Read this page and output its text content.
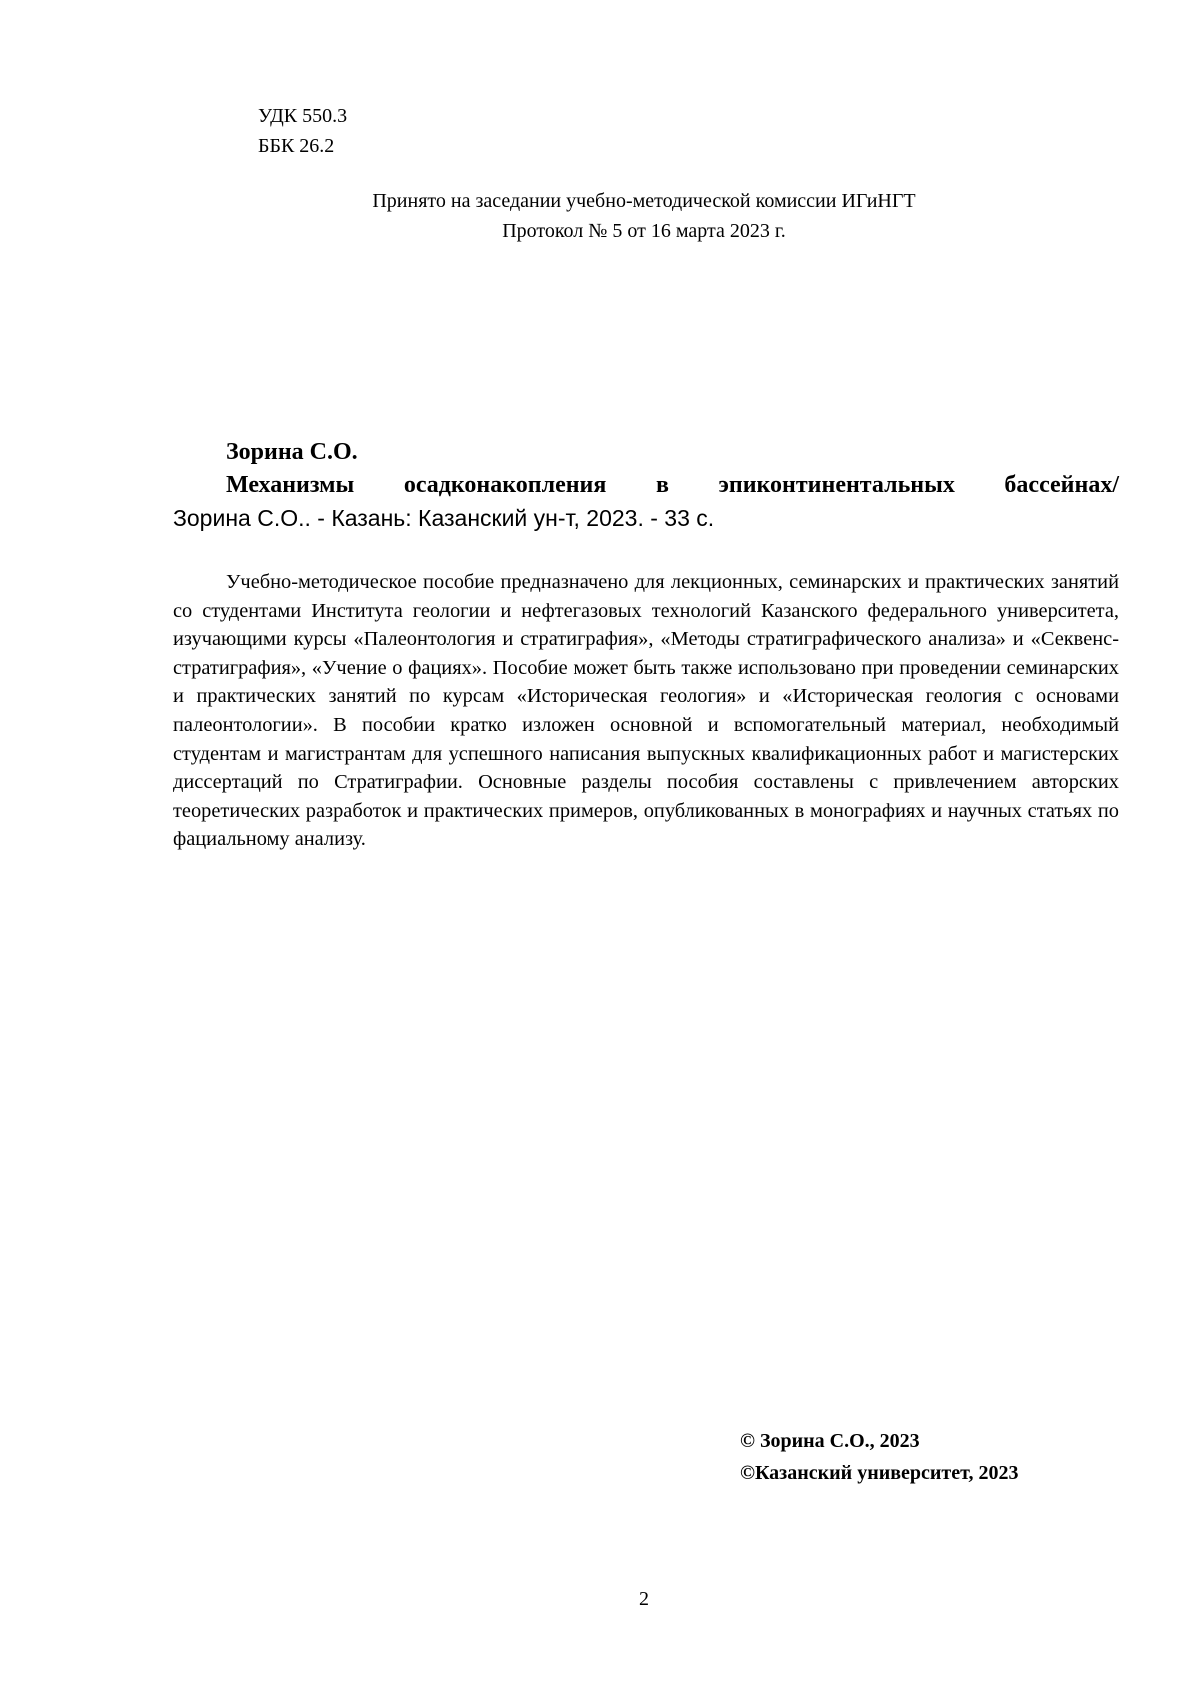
УДК 550.3
ББК 26.2
Принято на заседании учебно-методической комиссии ИГиНГТ
Протокол № 5 от 16 марта 2023 г.
Зорина С.О.
Механизмы осадконакопления в эпиконтинентальных бассейнах/
Зорина С.О.. - Казань: Казанский ун-т, 2023. - 33 с.

Учебно-методическое пособие предназначено для лекционных, семинарских и практических занятий со студентами Института геологии и нефтегазовых технологий Казанского федерального университета, изучающими курсы «Палеонтология и стратиграфия», «Методы стратиграфического анализа» и «Секвенс-стратиграфия», «Учение о фациях». Пособие может быть также использовано при проведении семинарских и практических занятий по курсам «Историческая геология» и «Историческая геология с основами палеонтологии». В пособии кратко изложен основной и вспомогательный материал, необходимый студентам и магистрантам для успешного написания выпускных квалификационных работ и магистерских диссертаций по Стратиграфии. Основные разделы пособия составлены с привлечением авторских теоретических разработок и практических примеров, опубликованных в монографиях и научных статьях по фациальному анализу.

© Зорина С.О., 2023
©Казанский университет, 2023
2
